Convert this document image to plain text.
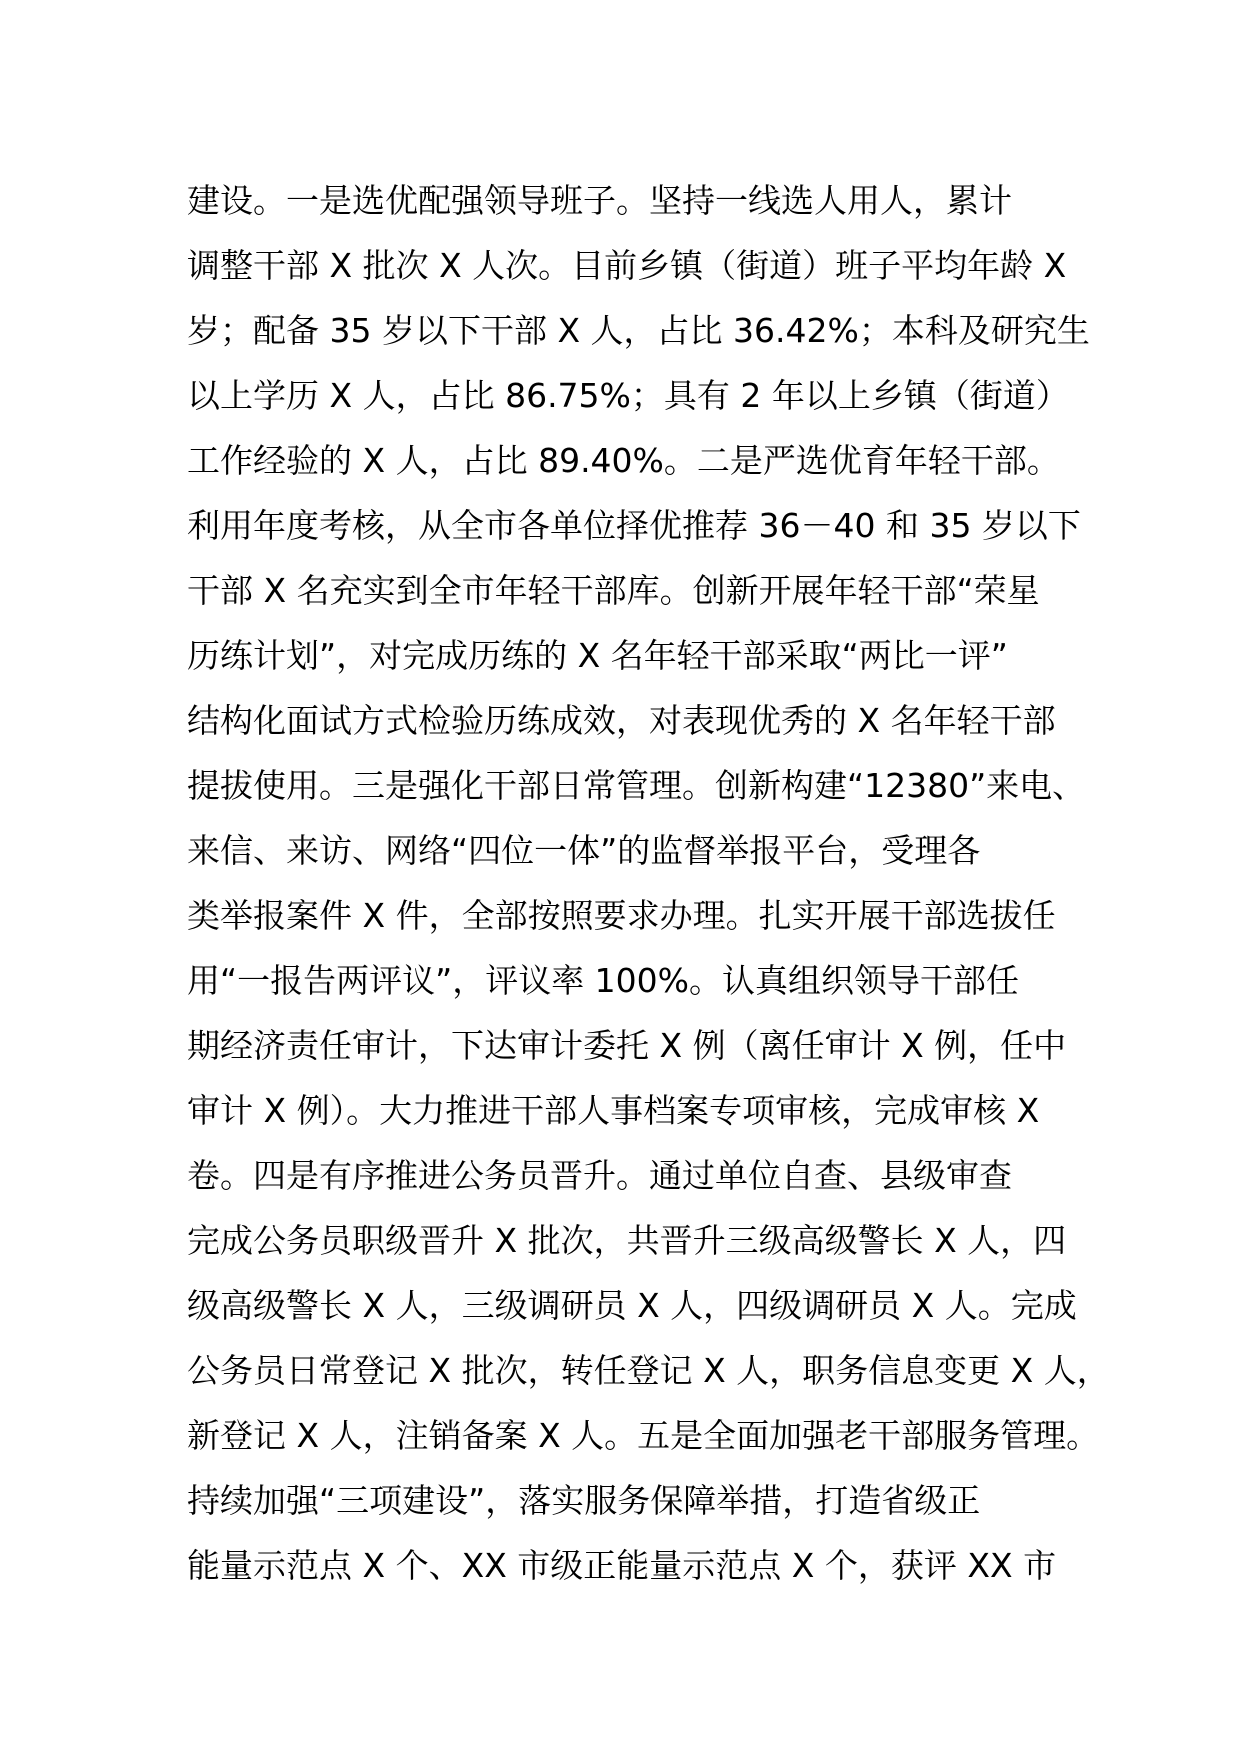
建设。一是选优配强领导班子。坚持一线选人用人，累计
调整干部 X 批次 X 人次。目前乡镇（街道）班子平均年龄 X
岁；配备 35 岁以下干部 X 人，占比 36.42%；本科及研究生
以上学历 X 人，占比 86.75%；具有 2 年以上乡镇（街道）
工作经验的 X 人，占比 89.40%。二是严选优育年轻干部。
利用年度考核，从全市各单位择优推荐 36－40 和 35 岁以下
干部 X 名充实到全市年轻干部库。创新开展年轻干部“荣星
历练计划”，对完成历练的 X 名年轻干部采取“两比一评”
结构化面试方式检验历练成效，对表现优秀的 X 名年轻干部
提拔使用。三是强化干部日常管理。创新构建“12380”来电、
来信、来访、网络“四位一体”的监督举报平台，受理各
类举报案件 X 件，全部按照要求办理。扎实开展干部选拔任
用“一报告两评议”，评议率 100%。认真组织领导干部任
期经济责任审计，下达审计委托 X 例（离任审计 X 例，任中
审计 X 例）。大力推进干部人事档案专项审核，完成审核 X
卷。四是有序推进公务员晋升。通过单位自查、县级审查
完成公务员职级晋升 X 批次，共晋升三级高级警长 X 人，四
级高级警长 X 人，三级调研员 X 人，四级调研员 X 人。完成
公务员日常登记 X 批次，转任登记 X 人，职务信息变更 X 人，
新登记 X 人，注销备案 X 人。五是全面加强老干部服务管理。
持续加强“三项建设”，落实服务保障举措，打造省级正
能量示范点 X 个、XX 市级正能量示范点 X 个，获评 XX 市
